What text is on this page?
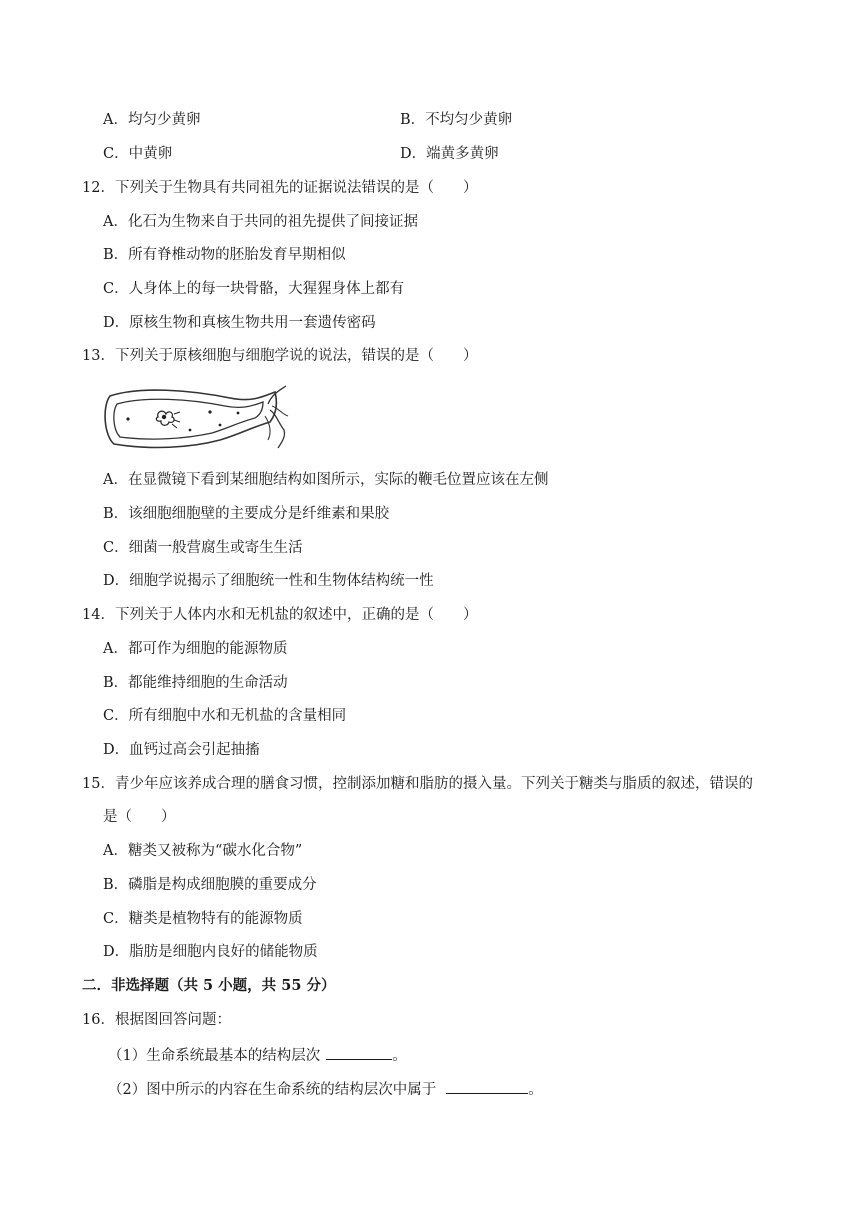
A．均匀少黄卵	B．不均匀少黄卵
C．中黄卵	D．端黄多黄卵
12．下列关于生物具有共同祖先的证据说法错误的是（　　）
A．化石为生物来自于共同的祖先提供了间接证据
B．所有脊椎动物的胚胎发育早期相似
C．人身体上的每一块骨骼，大猩猩身体上都有
D．原核生物和真核生物共用一套遗传密码
13．下列关于原核细胞与细胞学说的说法，错误的是（　　）
A．在显微镜下看到某细胞结构如图所示，实际的鞭毛位置应该在左侧
B．该细胞细胞壁的主要成分是纤维素和果胶
C．细菌一般营腐生或寄生生活
D．细胞学说揭示了细胞统一性和生物体结构统一性
14．下列关于人体内水和无机盐的叙述中，正确的是（　　）
A．都可作为细胞的能源物质
B．都能维持细胞的生命活动
C．所有细胞中水和无机盐的含量相同
D．血钙过高会引起抽搐
15．青少年应该养成合理的膳食习惯，控制添加糖和脂肪的摄入量。下列关于糖类与脂质的叙述，错误的
是（　　）
A．糖类又被称为“碳水化合物”
B．磷脂是构成细胞膜的重要成分
C．糖类是植物特有的能源物质
D．脂肪是细胞内良好的储能物质
二．非选择题（共 5 小题，共 55 分）
16．根据图回答问题：
（1）生命系统最基本的结构层次	。
（2）图中所示的内容在生命系统的结构层次中属于	。
